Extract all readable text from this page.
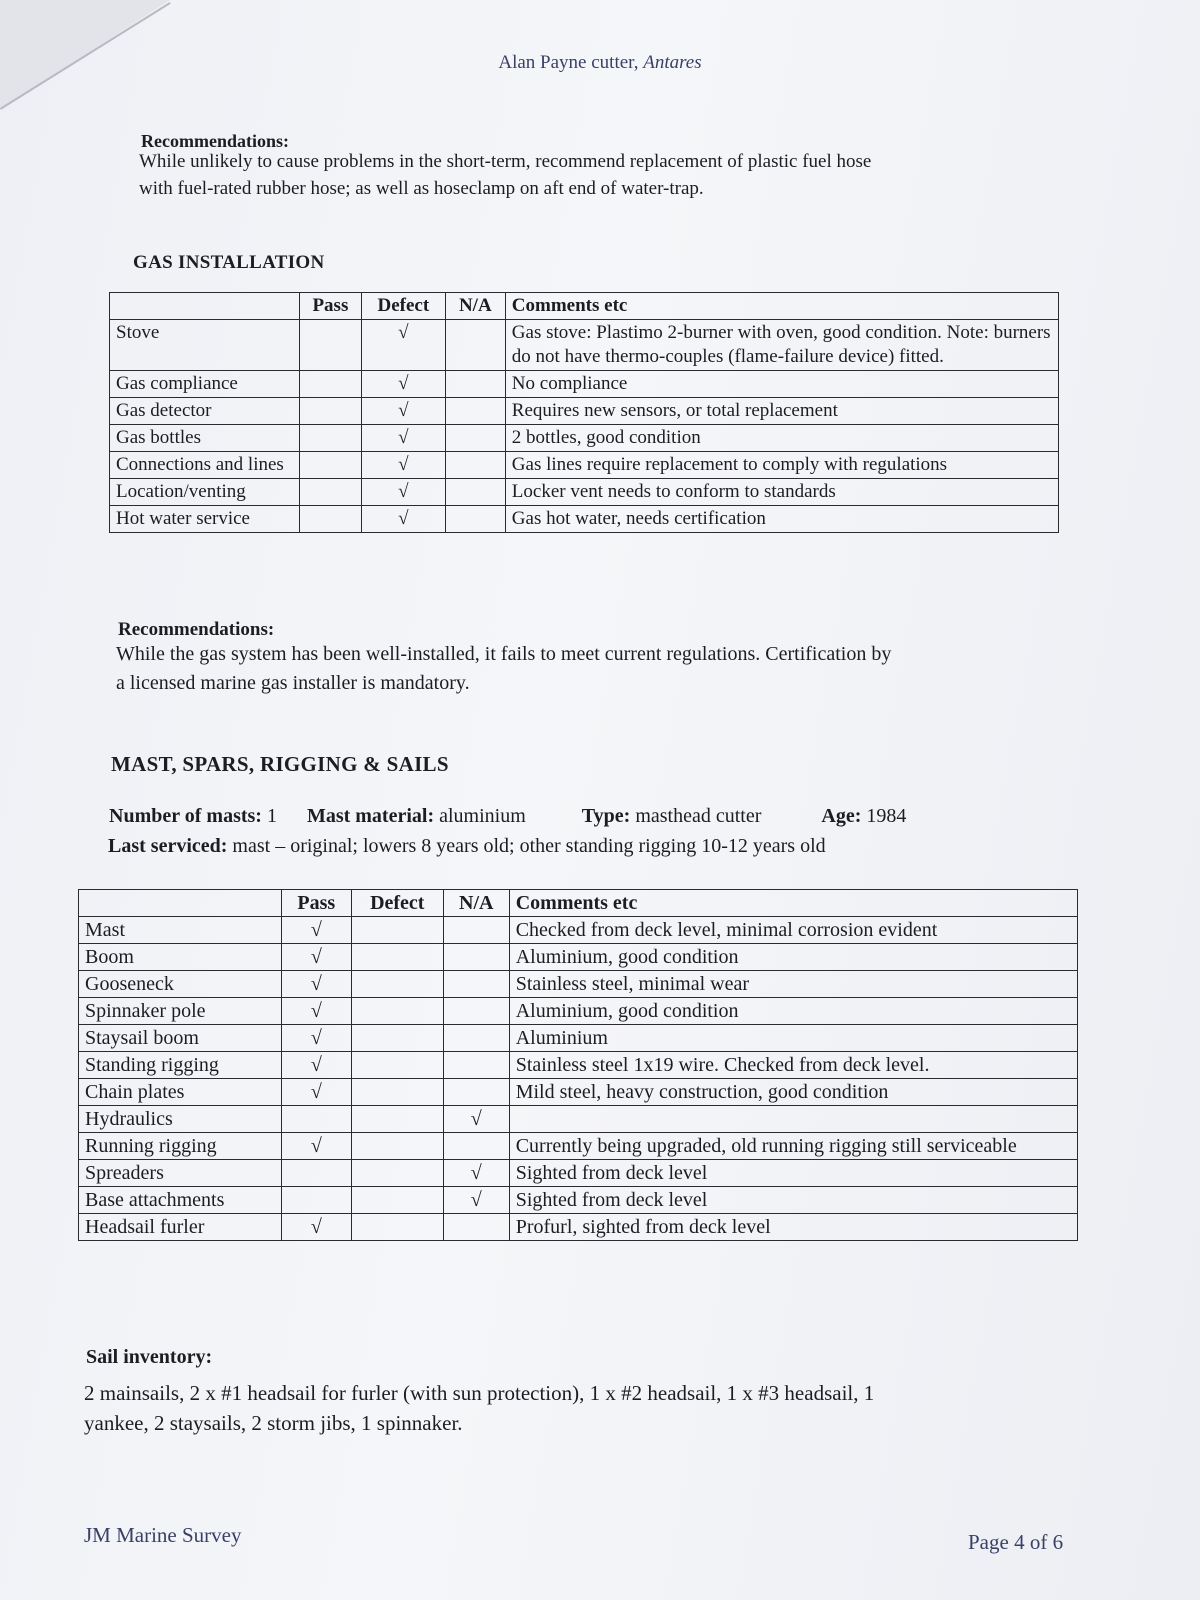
Alan Payne cutter, Antares
Recommendations:
While unlikely to cause problems in the short-term, recommend replacement of plastic fuel hose
with fuel-rated rubber hose; as well as hoseclamp on aft end of water-trap.
GAS INSTALLATION
	Pass	Defect	N/A	Comments etc
Stove		√		Gas stove: Plastimo 2-burner with oven, good condition. Note: burners do not have thermo-couples (flame-failure device) fitted.
Gas compliance		√		No compliance
Gas detector		√		Requires new sensors, or total replacement
Gas bottles		√		2 bottles, good condition
Connections and lines		√		Gas lines require replacement to comply with regulations
Location/venting		√		Locker vent needs to conform to standards
Hot water service		√		Gas hot water, needs certification
Recommendations:
While the gas system has been well-installed, it fails to meet current regulations. Certification by
a licensed marine gas installer is mandatory.
MAST, SPARS, RIGGING & SAILS
Number of masts: 1 Mast material: aluminium	Type: masthead cutter	Age: 1984
Last serviced: mast – original; lowers 8 years old; other standing rigging 10-12 years old
	Pass	Defect	N/A	Comments etc
Mast	√			Checked from deck level, minimal corrosion evident
Boom	√			Aluminium, good condition
Gooseneck	√			Stainless steel, minimal wear
Spinnaker pole	√			Aluminium, good condition
Staysail boom	√			Aluminium
Standing rigging	√			Stainless steel 1x19 wire. Checked from deck level.
Chain plates	√			Mild steel, heavy construction, good condition
Hydraulics			√	
Running rigging	√			Currently being upgraded, old running rigging still serviceable
Spreaders			√	Sighted from deck level
Base attachments			√	Sighted from deck level
Headsail furler	√			Profurl, sighted from deck level
Sail inventory:
2 mainsails, 2 x #1 headsail for furler (with sun protection), 1 x #2 headsail, 1 x #3 headsail, 1
yankee, 2 staysails, 2 storm jibs, 1 spinnaker.
JM Marine Survey	Page 4 of 6
